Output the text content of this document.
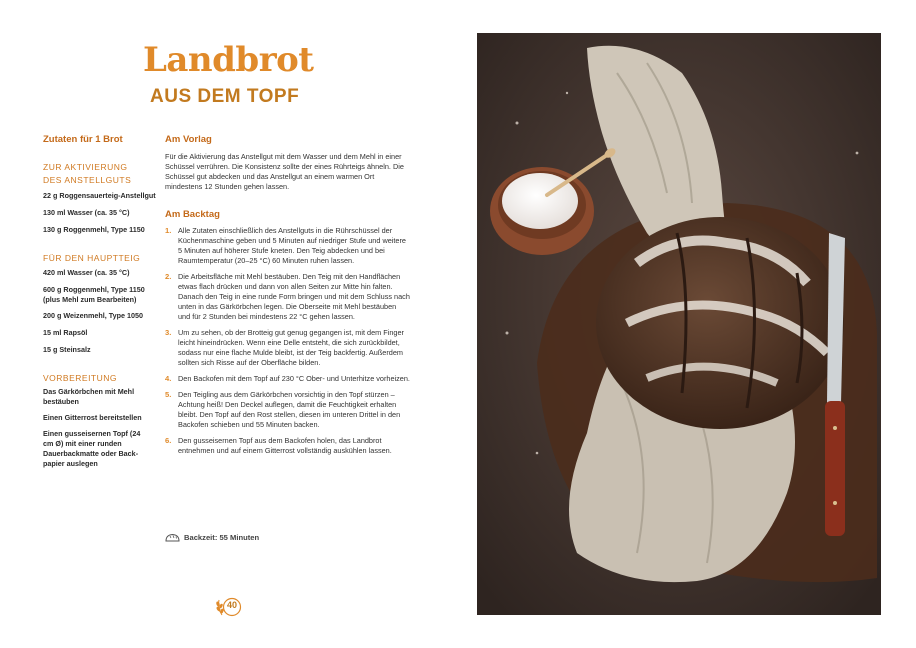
Landbrot
AUS DEM TOPF
Zutaten für 1 Brot
ZUR AKTIVIERUNG DES ANSTELLGUTS
22 g Roggensauerteig-Anstellgut
130 ml Wasser (ca. 35 °C)
130 g Roggenmehl, Type 1150
FÜR DEN HAUPTTEIG
420 ml Wasser (ca. 35 °C)
600 g Roggenmehl, Type 1150 (plus Mehl zum Bearbeiten)
200 g Weizenmehl, Type 1050
15 ml Rapsöl
15 g Steinsalz
VORBEREITUNG
Das Gärkörbchen mit Mehl bestäuben
Einen Gitterrost bereitstellen
Einen gusseisernen Topf (24 cm Ø) mit einer runden Dauerbackmatte oder Backpapier auslegen
Am Vorlag
Für die Aktivierung das Anstellgut mit dem Wasser und dem Mehl in einer Schüssel verrühren. Die Konsistenz sollte der eines Rührteigs ähneln. Die Schüssel gut abdecken und das Anstellgut an einem warmen Ort mindestens 12 Stunden gehen lassen.
Am Backtag
1. Alle Zutaten einschließlich des Anstellguts in die Rührschüssel der Küchenmaschine geben und 5 Minuten auf niedriger Stufe und weitere 5 Minuten auf höherer Stufe kneten. Den Teig abdecken und bei Raumtemperatur (20–25 °C) 60 Minuten ruhen lassen.
2. Die Arbeitsfläche mit Mehl bestäuben. Den Teig mit den Handflächen etwas flach drücken und dann von allen Seiten zur Mitte hin falten. Danach den Teig in eine runde Form bringen und mit dem Schluss nach unten in das Gärkörbchen legen. Die Oberseite mit Mehl bestäuben und für 2 Stunden bei mindestens 22 °C gehen lassen.
3. Um zu sehen, ob der Brotteig gut genug gegangen ist, mit dem Finger leicht hineindrücken. Wenn eine Delle entsteht, die sich zurückbildet, sodass nur eine flache Mulde bleibt, ist der Teig backfertig. Außerdem sollten sich Risse auf der Oberfläche bilden.
4. Den Backofen mit dem Topf auf 230 °C Ober- und Unterhitze vorheizen.
5. Den Teigling aus dem Gärkörbchen vorsichtig in den Topf stürzen – Achtung heiß! Den Deckel auflegen, damit die Feuchtigkeit erhalten bleibt. Den Topf auf den Rost stellen, diesen im unteren Drittel in den Backofen schieben und 55 Minuten backen.
6. Den gusseisernen Topf aus dem Backofen holen, das Landbrot entnehmen und auf einem Gitterrost vollständig auskühlen lassen.
Backzeit: 55 Minuten
40
